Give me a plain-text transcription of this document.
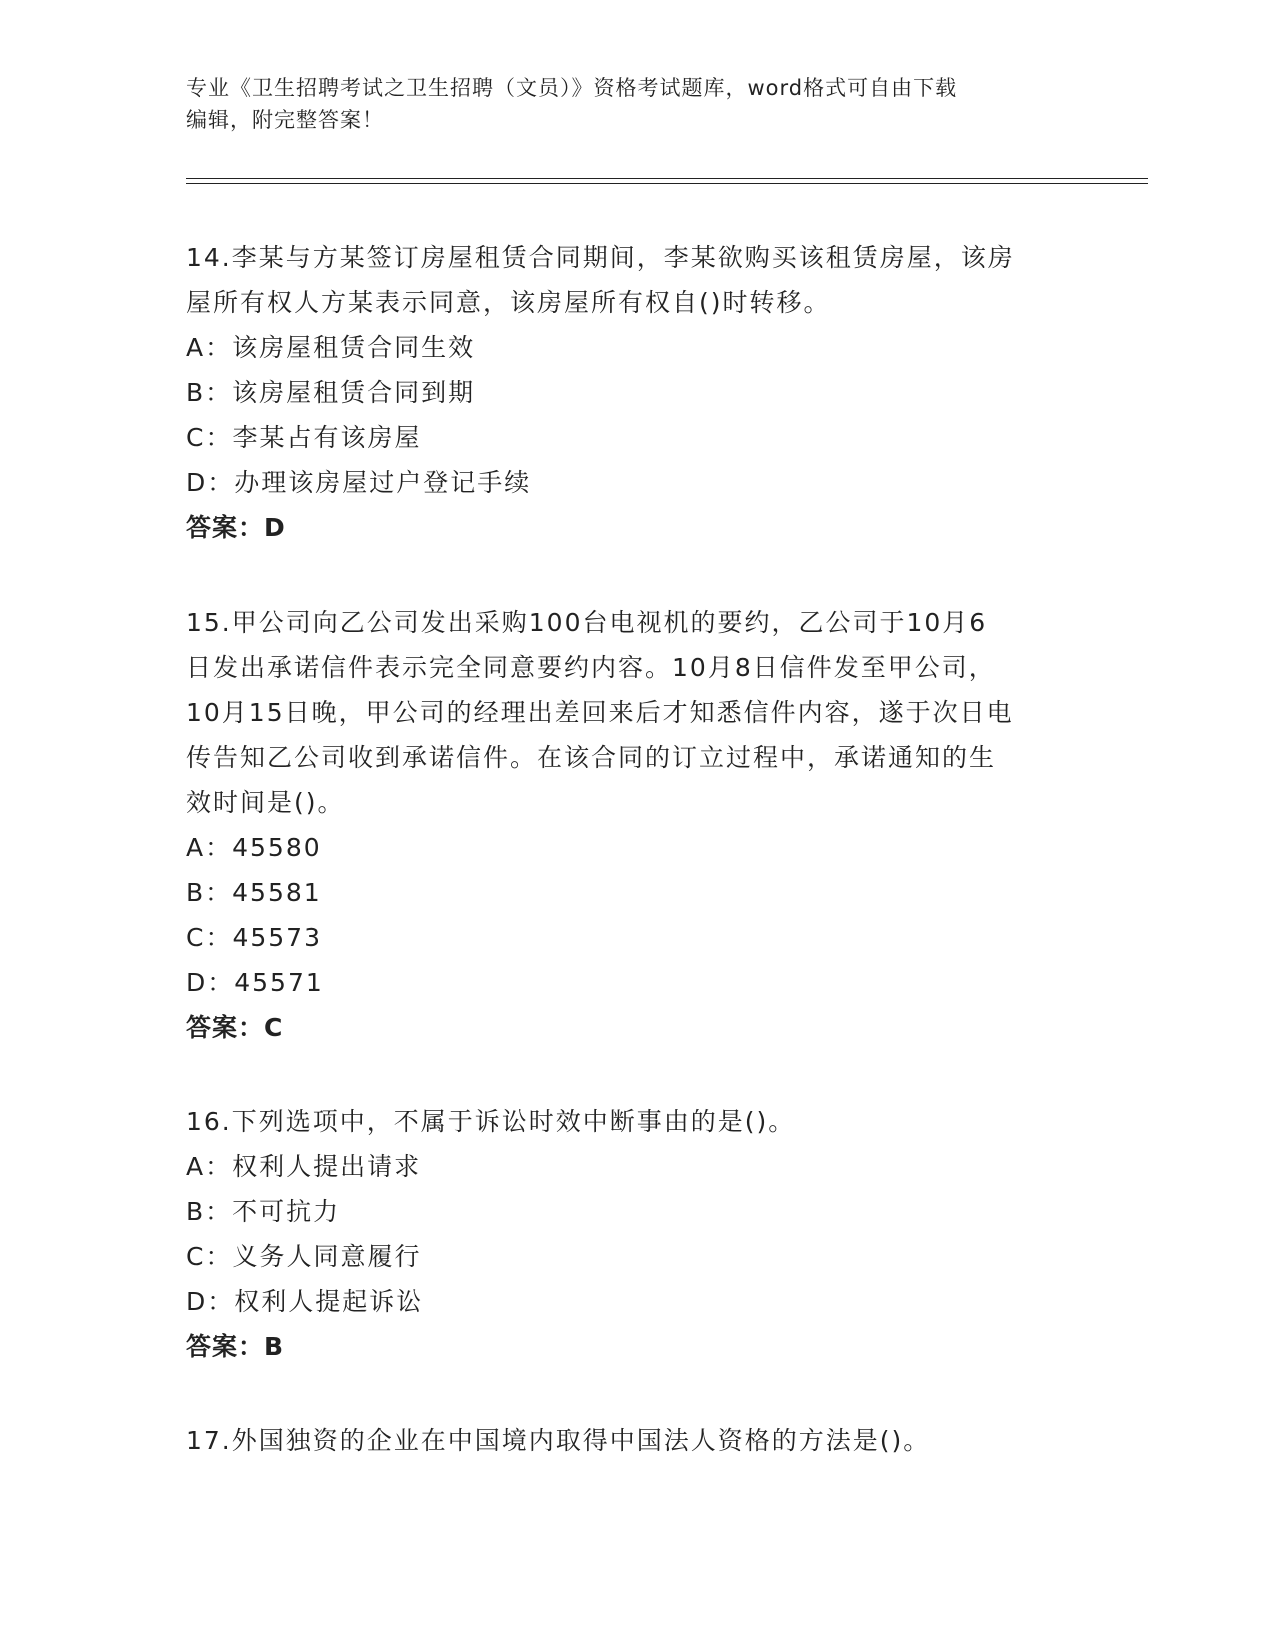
专业《卫生招聘考试之卫生招聘（文员）》资格考试题库，word格式可自由下载
编辑，附完整答案！
14.李某与方某签订房屋租赁合同期间，李某欲购买该租赁房屋，该房
屋所有权人方某表示同意，该房屋所有权自()时转移。
A：该房屋租赁合同生效
B：该房屋租赁合同到期
C：李某占有该房屋
D：办理该房屋过户登记手续
答案：D
15.甲公司向乙公司发出采购100台电视机的要约，乙公司于10月6
日发出承诺信件表示完全同意要约内容。10月8日信件发至甲公司，
10月15日晚，甲公司的经理出差回来后才知悉信件内容，遂于次日电
传告知乙公司收到承诺信件。在该合同的订立过程中，承诺通知的生
效时间是()。
A：45580
B：45581
C：45573
D：45571
答案：C
16.下列选项中，不属于诉讼时效中断事由的是()。
A：权利人提出请求
B：不可抗力
C：义务人同意履行
D：权利人提起诉讼
答案：B
17.外国独资的企业在中国境内取得中国法人资格的方法是()。
